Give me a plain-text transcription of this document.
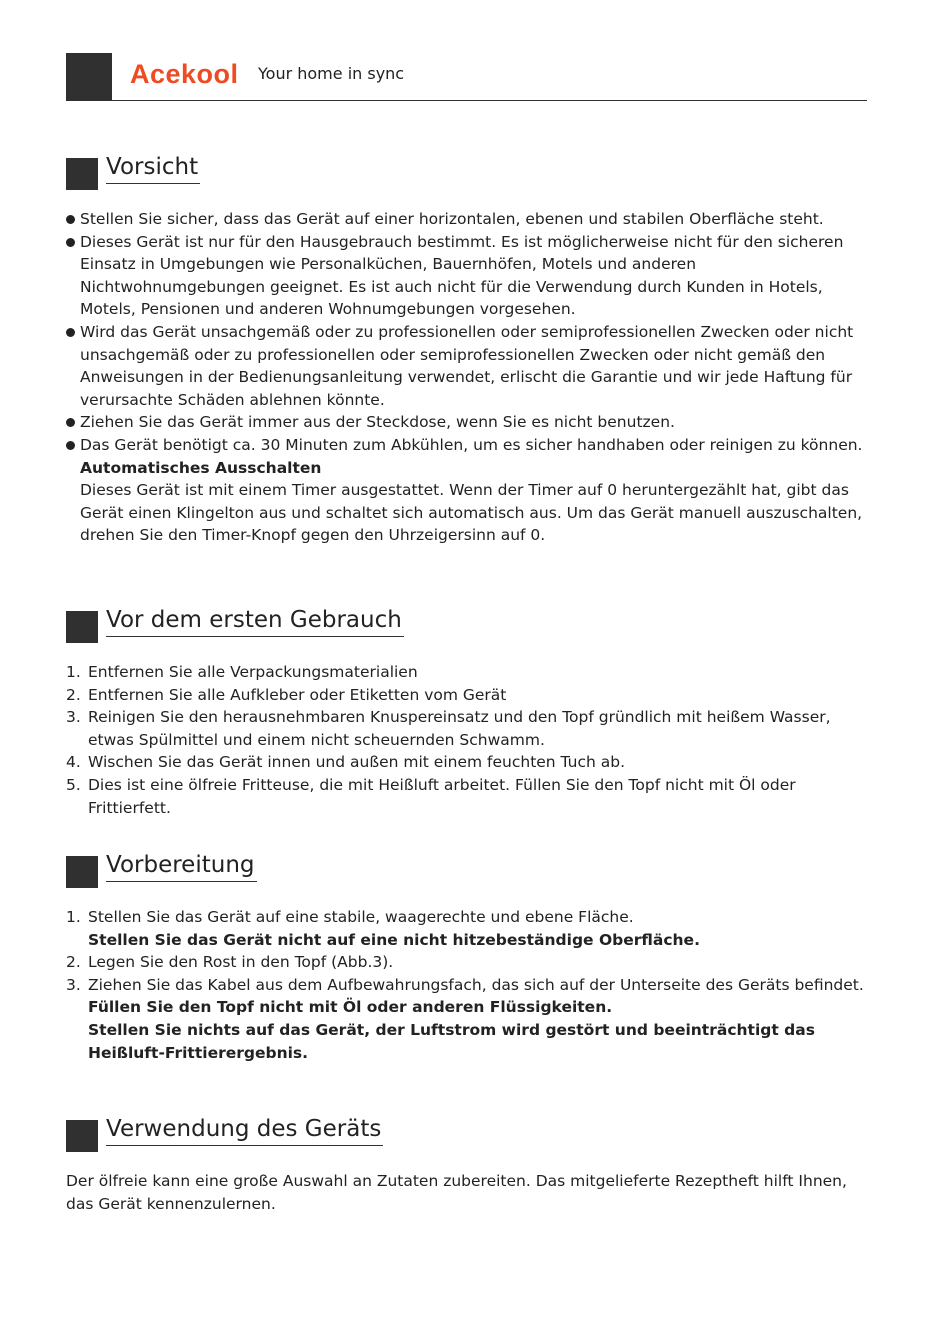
Acekool Your home in sync
Vorsicht
Stellen Sie sicher, dass das Gerät auf einer horizontalen, ebenen und stabilen Oberfläche steht.
Dieses Gerät ist nur für den Hausgebrauch bestimmt. Es ist möglicherweise nicht für den sicheren Einsatz in Umgebungen wie Personalküchen, Bauernhöfen, Motels und anderen Nichtwohnumgebungen geeignet. Es ist auch nicht für die Verwendung durch Kunden in Hotels, Motels, Pensionen und anderen Wohnumgebungen vorgesehen.
Wird das Gerät unsachgemäß oder zu professionellen oder semiprofessionellen Zwecken oder nicht unsachgemäß oder zu professionellen oder semiprofessionellen Zwecken oder nicht gemäß den Anweisungen in der Bedienungsanleitung verwendet, erlischt die Garantie und wir jede Haftung für verursachte Schäden ablehnen könnte.
Ziehen Sie das Gerät immer aus der Steckdose, wenn Sie es nicht benutzen.
Das Gerät benötigt ca. 30 Minuten zum Abkühlen, um es sicher handhaben oder reinigen zu können.
Automatisches Ausschalten
Dieses Gerät ist mit einem Timer ausgestattet. Wenn der Timer auf 0 heruntergezählt hat, gibt das Gerät einen Klingelton aus und schaltet sich automatisch aus. Um das Gerät manuell auszuschalten, drehen Sie den Timer-Knopf gegen den Uhrzeigersinn auf 0.
Vor dem ersten Gebrauch
1. Entfernen Sie alle Verpackungsmaterialien
2. Entfernen Sie alle Aufkleber oder Etiketten vom Gerät
3. Reinigen Sie den herausnehmbaren Knuspereinsatz und den Topf gründlich mit heißem Wasser, etwas Spülmittel und einem nicht scheuernden Schwamm.
4. Wischen Sie das Gerät innen und außen mit einem feuchten Tuch ab.
5. Dies ist eine ölfreie Fritteuse, die mit Heißluft arbeitet. Füllen Sie den Topf nicht mit Öl oder Frittierfett.
Vorbereitung
1. Stellen Sie das Gerät auf eine stabile, waagerechte und ebene Fläche.
Stellen Sie das Gerät nicht auf eine nicht hitzebeständige Oberfläche.
2. Legen Sie den Rost in den Topf (Abb.3).
3. Ziehen Sie das Kabel aus dem Aufbewahrungsfach, das sich auf der Unterseite des Geräts befindet.
Füllen Sie den Topf nicht mit Öl oder anderen Flüssigkeiten.
Stellen Sie nichts auf das Gerät, der Luftstrom wird gestört und beeinträchtigt das Heißluft-Frittierergebnis.
Verwendung des Geräts
Der ölfreie kann eine große Auswahl an Zutaten zubereiten. Das mitgelieferte Rezeptheft hilft Ihnen, das Gerät kennenzulernen.
